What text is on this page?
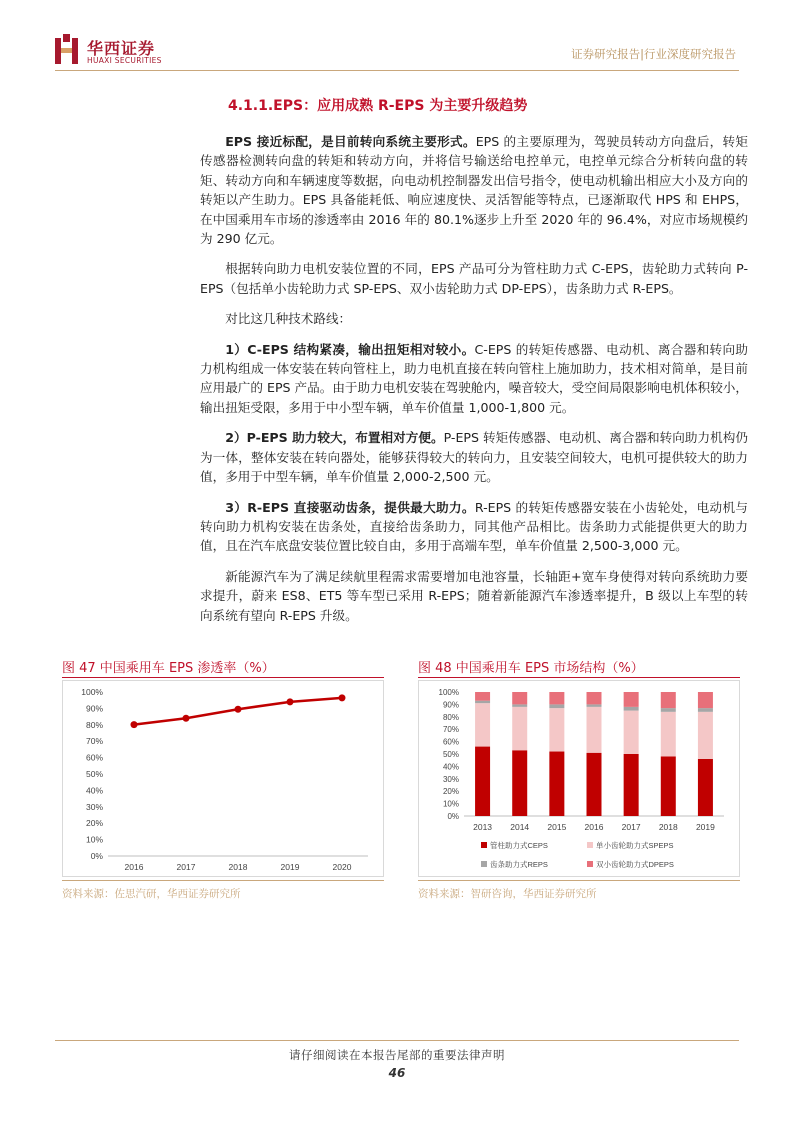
华西证券
HUAXI SECURITIES	证券研究报告|行业深度研究报告
4.1.1.EPS：应用成熟 R-EPS 为主要升级趋势

EPS 接近标配，是目前转向系统主要形式。EPS 的主要原理为，驾驶员转动方向盘后，转矩传感器检测转向盘的转矩和转动方向，并将信号输送给电控单元，电控单元综合分析转向盘的转矩、转动方向和车辆速度等数据，向电动机控制器发出信号指令，使电动机输出相应大小及方向的转矩以产生助力。EPS 具备能耗低、响应速度快、灵活智能等特点，已逐渐取代 HPS 和 EHPS，在中国乘用车市场的渗透率由 2016 年的 80.1%逐步上升至 2020 年的 96.4%，对应市场规模约为 290 亿元。

根据转向助力电机安装位置的不同，EPS 产品可分为管柱助力式 C-EPS，齿轮助力式转向 P-EPS（包括单小齿轮助力式 SP-EPS、双小齿轮助力式 DP-EPS），齿条助力式 R-EPS。

对比这几种技术路线：

1）C-EPS 结构紧凑，输出扭矩相对较小。C-EPS 的转矩传感器、电动机、离合器和转向助力机构组成一体安装在转向管柱上，助力电机直接在转向管柱上施加助力，技术相对简单，是目前应用最广的 EPS 产品。由于助力电机安装在驾驶舱内，噪音较大，受空间局限影响电机体积较小，输出扭矩受限，多用于中小型车辆，单车价值量 1,000-1,800 元。

2）P-EPS 助力较大，布置相对方便。P-EPS 转矩传感器、电动机、离合器和转向助力机构仍为一体，整体安装在转向器处，能够获得较大的转向力，且安装空间较大，电机可提供较大的助力值，多用于中型车辆，单车价值量 2,000-2,500 元。

3）R-EPS 直接驱动齿条，提供最大助力。R-EPS 的转矩传感器安装在小齿轮处，电动机与转向助力机构安装在齿条处，直接给齿条助力，同其他产品相比。齿条助力式能提供更大的助力值，且在汽车底盘安装位置比较自由，多用于高端车型，单车价值量 2,500-3,000 元。

新能源汽车为了满足续航里程需求需要增加电池容量，长轴距+宽车身使得对转向系统助力要求提升，蔚来 ES8、ET5 等车型已采用 R-EPS；随着新能源汽车渗透率提升，B 级以上车型的转向系统有望向 R-EPS 升级。

图 47 中国乘用车 EPS 渗透率（%）
0%
10%
20%
30%
40%
50%
60%
70%
80%
90%
100%
2016	2017	2018	2019	2020
资料来源：佐思汽研，华西证券研究所
图 48 中国乘用车 EPS 市场结构（%）
0%
10%
20%
30%
40%
50%
60%
70%
80%
90%
100%
2013 2014 2015 2016 2017 2018 2019
管柱助力式CEPS	单小齿轮助力式SPEPS
齿条助力式REPS	双小齿轮助力式DPEPS
资料来源：智研咨询，华西证券研究所
请仔细阅读在本报告尾部的重要法律声明
46
